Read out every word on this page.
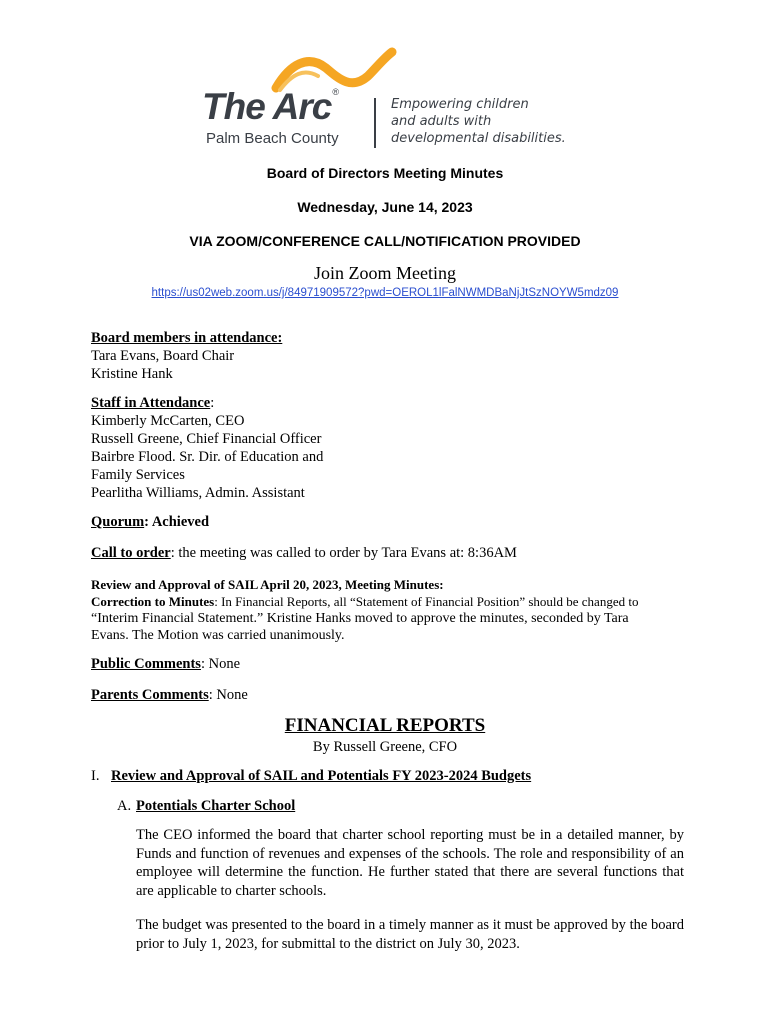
The Arc®
Palm Beach County
Empowering children
and adults with
developmental disabilities.
Board of Directors Meeting Minutes
Wednesday, June 14, 2023
VIA ZOOM/CONFERENCE CALL/NOTIFICATION PROVIDED
Join Zoom Meeting
https://us02web.zoom.us/j/84971909572?pwd=OEROL1lFalNWMDBaNjJtSzNOYW5mdz09
Board members in attendance:
Tara Evans, Board Chair
Kristine Hank
Staff in Attendance:
Kimberly McCarten, CEO
Russell Greene, Chief Financial Officer
Bairbre Flood. Sr. Dir. of Education and
Family Services
Pearlitha Williams, Admin. Assistant
Quorum: Achieved
Call to order: the meeting was called to order by Tara Evans at: 8:36AM
Review and Approval of SAIL April 20, 2023, Meeting Minutes:
Correction to Minutes: In Financial Reports, all “Statement of Financial Position” should be changed to
“Interim Financial Statement.” Kristine Hanks moved to approve the minutes, seconded by Tara
Evans. The Motion was carried unanimously.
Public Comments: None
Parents Comments: None
FINANCIAL REPORTS
By Russell Greene, CFO
I. Review and Approval of SAIL and Potentials FY 2023-2024 Budgets
A. Potentials Charter School
The CEO informed the board that charter school reporting must be in a detailed manner, by Funds and function of revenues and expenses of the schools. The role and responsibility of an employee will determine the function. He further stated that there are several functions that are applicable to charter schools.
The budget was presented to the board in a timely manner as it must be approved by the board prior to July 1, 2023, for submittal to the district on July 30, 2023.
